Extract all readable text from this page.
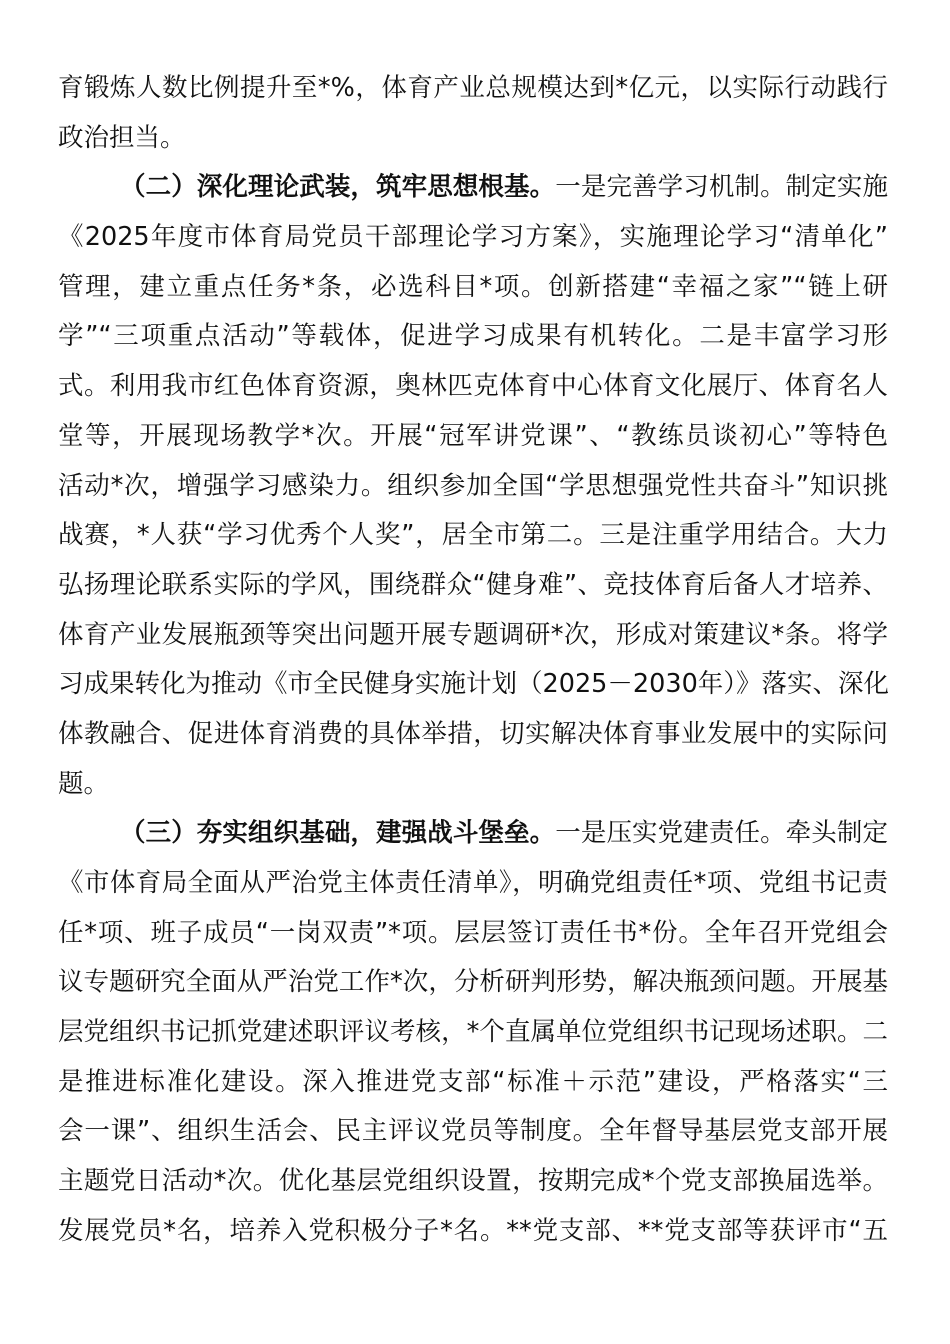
育锻炼人数比例提升至*%，体育产业总规模达到*亿元，以实际行动践行
政治担当。
（二）深化理论武装，筑牢思想根基。一是完善学习机制。制定实施
《2025年度市体育局党员干部理论学习方案》，实施理论学习“清单化”
管理，建立重点任务*条，必选科目*项。创新搭建“幸福之家”“链上研
学”“三项重点活动”等载体，促进学习成果有机转化。二是丰富学习形
式。利用我市红色体育资源，奥林匹克体育中心体育文化展厅、体育名人
堂等，开展现场教学*次。开展“冠军讲党课”、“教练员谈初心”等特色
活动*次，增强学习感染力。组织参加全国“学思想强党性共奋斗”知识挑
战赛，*人获“学习优秀个人奖”，居全市第二。三是注重学用结合。大力
弘扬理论联系实际的学风，围绕群众“健身难”、竞技体育后备人才培养、
体育产业发展瓶颈等突出问题开展专题调研*次，形成对策建议*条。将学
习成果转化为推动《市全民健身实施计划（2025－2030年）》落实、深化
体教融合、促进体育消费的具体举措，切实解决体育事业发展中的实际问
题。
（三）夯实组织基础，建强战斗堡垒。一是压实党建责任。牵头制定
《市体育局全面从严治党主体责任清单》，明确党组责任*项、党组书记责
任*项、班子成员“一岗双责”*项。层层签订责任书*份。全年召开党组会
议专题研究全面从严治党工作*次，分析研判形势，解决瓶颈问题。开展基
层党组织书记抓党建述职评议考核，*个直属单位党组织书记现场述职。二
是推进标准化建设。深入推进党支部“标准＋示范”建设，严格落实“三
会一课”、组织生活会、民主评议党员等制度。全年督导基层党支部开展
主题党日活动*次。优化基层党组织设置，按期完成*个党支部换届选举。
发展党员*名，培养入党积极分子*名。**党支部、**党支部等获评市“五
